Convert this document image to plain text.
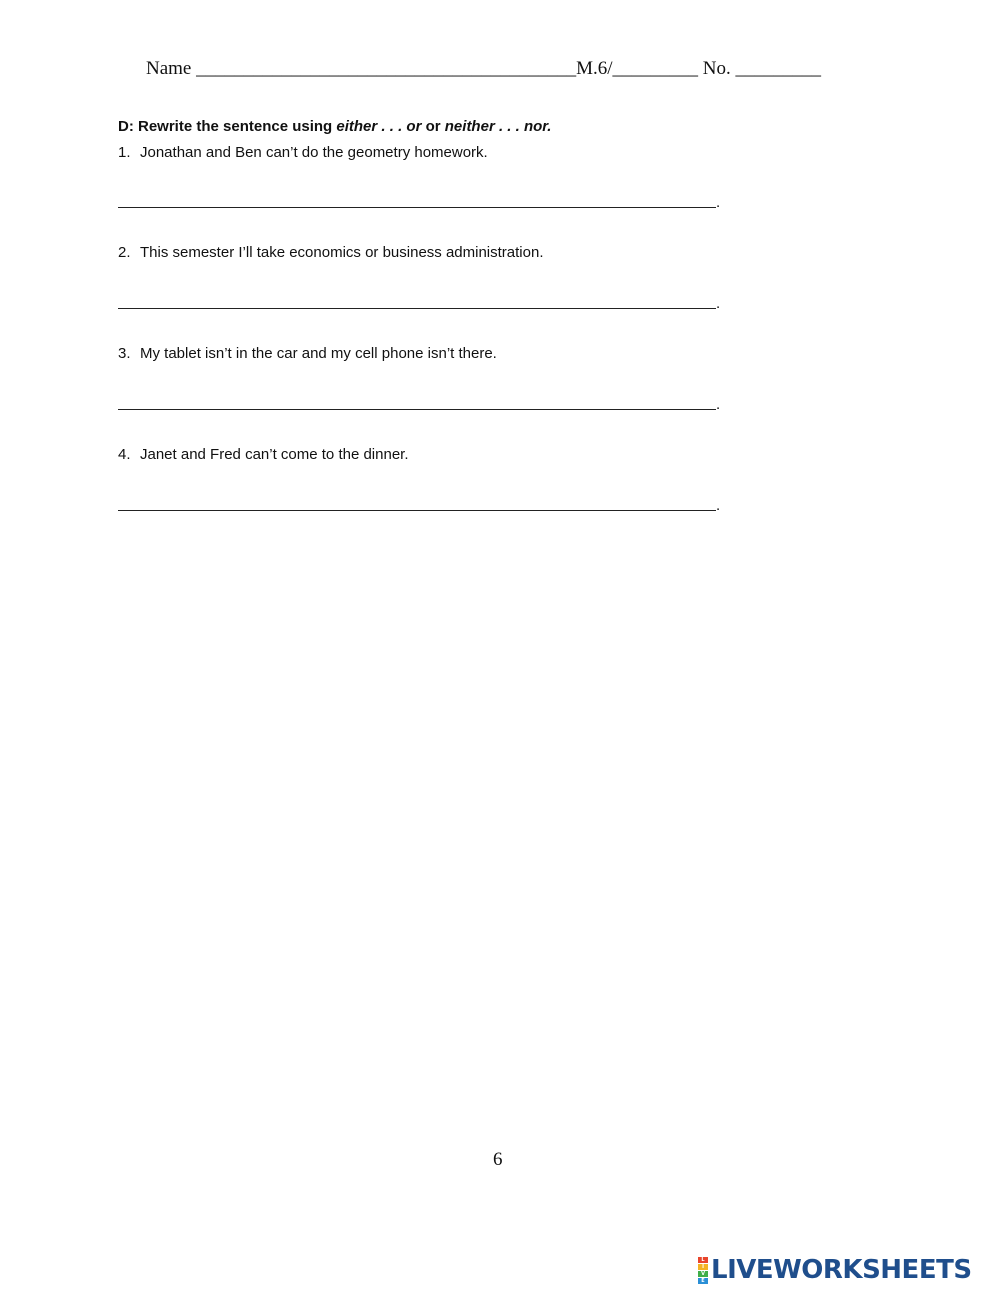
Name ________________________________________M.6/_________ No. _________
D: Rewrite the sentence using either . . . or or neither . . . nor.
1. Jonathan and Ben can’t do the geometry homework.
.
2. This semester I’ll take economics or business administration.
.
3. My tablet isn’t in the car and my cell phone isn’t there.
.
4. Janet and Fred can’t come to the dinner.
.
6
L
I
V
E LIVEWORKSHEETS
